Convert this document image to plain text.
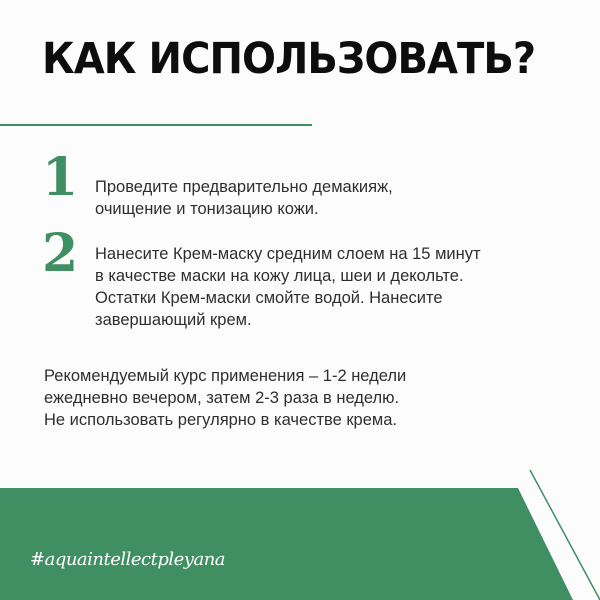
КАК ИСПОЛЬЗОВАТЬ?
1 Проведите предварительно демакияж,
очищение и тонизацию кожи.

2 Нанесите Крем-маску средним слоем на 15 минут
в качестве маски на кожу лица, шеи и декольте.
Остатки Крем-маски смойте водой. Нанесите
завершающий крем.

Рекомендуемый курс применения – 1-2 недели
ежедневно вечером, затем 2-3 раза в неделю.
Не использовать регулярно в качестве крема.

#aquaintellectpleyana
